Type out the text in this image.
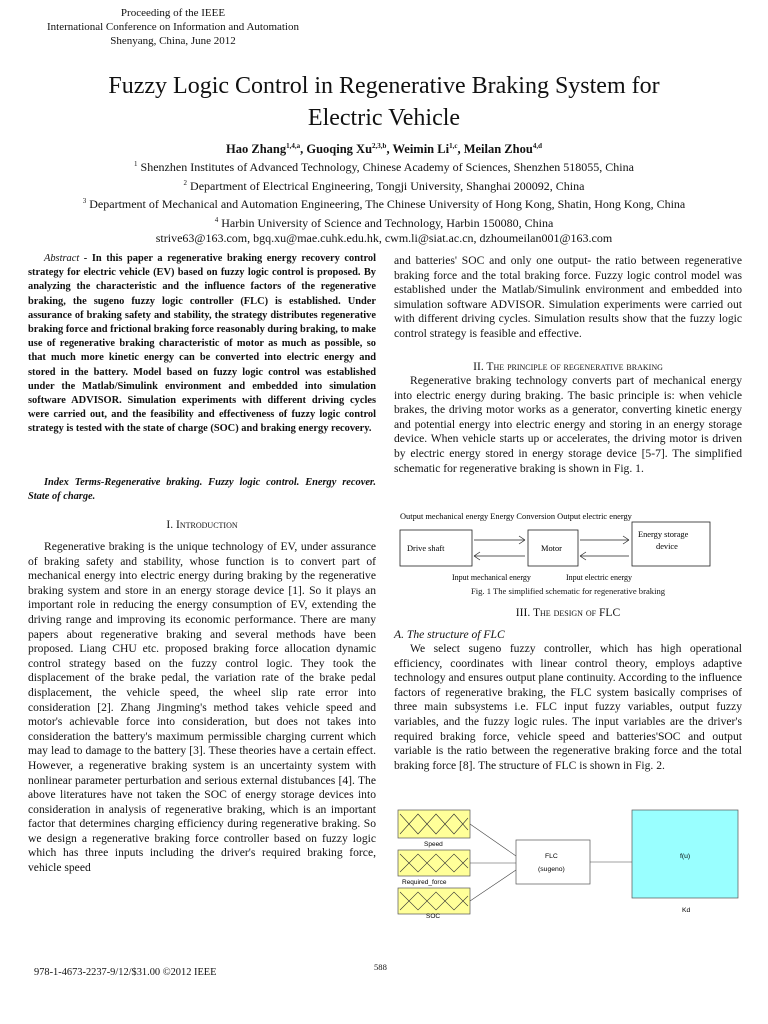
Proceeding of the IEEE
International Conference on Information and Automation
Shenyang, China, June 2012
Fuzzy Logic Control in Regenerative Braking System for
Electric Vehicle
Hao Zhang$^{1,4,a}$, Guoqing Xu$^{2,3,b}$, Weimin Li$^{1,c}$, Meilan Zhou$^{4,d}$
$^1$ Shenzhen Institutes of Advanced Technology, Chinese Academy of Sciences, Shenzhen 518055, China
$^2$ Department of Electrical Engineering, Tongji University, Shanghai 200092, China
$^3$ Department of Mechanical and Automation Engineering, The Chinese University of Hong Kong, Shatin, Hong Kong, China
$^4$ Harbin University of Science and Technology, Harbin 150080, China
strive63@163.com, bgq.xu@mae.cuhk.edu.hk, cwm.li@siat.ac.cn, dzhoumeilan001@163.com
Abstract - In this paper a regenerative braking energy recovery control strategy for electric vehicle (EV) based on fuzzy logic control is proposed. By analyzing the characteristic and the influence factors of the regenerative braking, the sugeno fuzzy logic controller (FLC) is established. Under assurance of braking safety and stability, the strategy distributes regenerative braking force and frictional braking force reasonably during braking, to make use of regenerative braking characteristic of motor as much as possible, so that much more kinetic energy can be converted into electric energy and stored in the battery. Model based on fuzzy logic control was established under the Matlab/Simulink environment and embedded into simulation software ADVISOR. Simulation experiments with different driving cycles were carried out, and the feasibility and effectiveness of fuzzy logic control strategy is tested with the state of charge (SOC) and braking energy recovery.
Index Terms-Regenerative braking. Fuzzy logic control. Energy recover. State of charge.
I. Introduction

Regenerative braking is the unique technology of EV, under assurance of braking safety and stability, whose function is to convert part of mechanical energy into electric energy during braking by the regenerative braking system and store in an energy storage device [1]. So it plays an important role in reducing the energy consumption of EV, extending the driving range and improving its economic performance. There are many papers about regenerative braking and several methods have been proposed. Liang CHU etc. proposed braking force allocation dynamic control strategy based on the fuzzy control logic. They took the displacement of the brake pedal, the variation rate of the brake pedal displacement, the vehicle speed, the wheel slip rate error into consideration [2]. Zhang Jingming's method takes vehicle speed and motor's achievable force into consideration, but does not takes into consideration the battery's maximum permissible charging current which may lead to damage to the battery [3]. These theories have a certain effect. However, a regenerative braking system is an uncertainty system with nonlinear parameter perturbation and serious external distubances [4]. The above literatures have not taken the SOC of energy storage devices into consideration in analysis of regenerative braking, which is an important factor that determines charging efficiency during regenerative braking. So we design a regenerative braking force controller based on fuzzy logic which has three inputs including the driver's required braking force, vehicle speed

and batteries' SOC and only one output- the ratio between regenerative braking force and the total braking force. Fuzzy logic control model was established under the Matlab/Simulink environment and embedded into simulation software ADVISOR. Simulation experiments were carried out with different driving cycles. Simulation results show that the fuzzy logic control strategy is feasible and effective.

II. The principle of regenerative braking

Regenerative braking technology converts part of mechanical energy into electric energy during braking. The basic principle is: when vehicle brakes, the driving motor works as a generator, converting kinetic energy and potential energy into electric energy and storing in an energy storage device. When vehicle starts up or accelerates, the driving motor is driven by electric energy stored in energy storage device [5-7]. The simplified schematic for regenerative braking is shown in Fig. 1.

Output mechanical energy Energy Conversion Output electric energy
Drive shaft	Motor
Energy storage
device
Input mechanical energy	Input electric energy
Fig. 1 The simplified schematic for regenerative braking
III. The design of FLC
A. The structure of FLC

We select sugeno fuzzy controller, which has high operational efficiency, coordinates with linear control theory, employs adaptive technology and ensures output plane continuity. According to the influence factors of regenerative braking, the FLC system basically comprises of three main subsystems i.e. FLC input fuzzy variables, output fuzzy variables, and the fuzzy logic rules. The input variables are the driver's required braking force, vehicle speed and batteries'SOC and output variable is the ratio between the regenerative braking force and the total braking force [8]. The structure of FLC is shown in Fig. 2.

Speed
Required_force
SOC
FLC
(sugeno)
f(u)
Kd
978-1-4673-2237-9/12/$31.00 ©2012 IEEE	588
